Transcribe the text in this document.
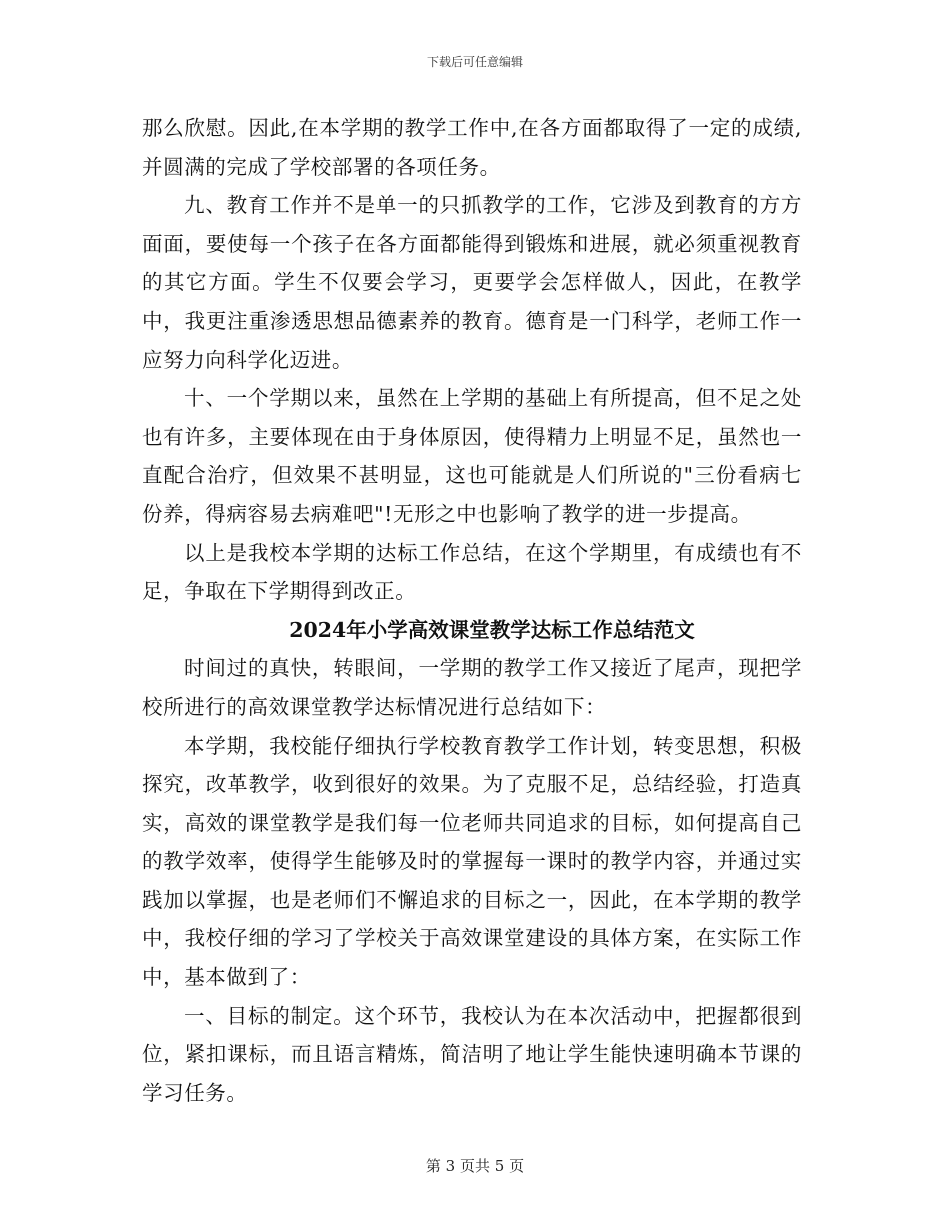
下载后可任意编辑

那么欣慰。因此,在本学期的教学工作中,在各方面都取得了一定的成绩,并圆满的完成了学校部署的各项任务。

九、教育工作并不是单一的只抓教学的工作，它涉及到教育的方方面面，要使每一个孩子在各方面都能得到锻炼和进展，就必须重视教育的其它方面。学生不仅要会学习，更要学会怎样做人，因此，在教学中，我更注重渗透思想品德素养的教育。德育是一门科学，老师工作一应努力向科学化迈进。

十、一个学期以来，虽然在上学期的基础上有所提高，但不足之处也有许多，主要体现在由于身体原因，使得精力上明显不足，虽然也一直配合治疗，但效果不甚明显，这也可能就是人们所说的"三份看病七份养，得病容易去病难吧"!无形之中也影响了教学的进一步提高。

以上是我校本学期的达标工作总结，在这个学期里，有成绩也有不足，争取在下学期得到改正。

2024年小学高效课堂教学达标工作总结范文

时间过的真快，转眼间，一学期的教学工作又接近了尾声，现把学校所进行的高效课堂教学达标情况进行总结如下：

本学期，我校能仔细执行学校教育教学工作计划，转变思想，积极探究，改革教学，收到很好的效果。为了克服不足，总结经验，打造真实，高效的课堂教学是我们每一位老师共同追求的目标，如何提高自己的教学效率，使得学生能够及时的掌握每一课时的教学内容，并通过实践加以掌握，也是老师们不懈追求的目标之一，因此，在本学期的教学中，我校仔细的学习了学校关于高效课堂建设的具体方案，在实际工作中，基本做到了：

一、目标的制定。这个环节，我校认为在本次活动中，把握都很到位，紧扣课标，而且语言精炼，简洁明了地让学生能快速明确本节课的学习任务。

第 3 页共 5 页
